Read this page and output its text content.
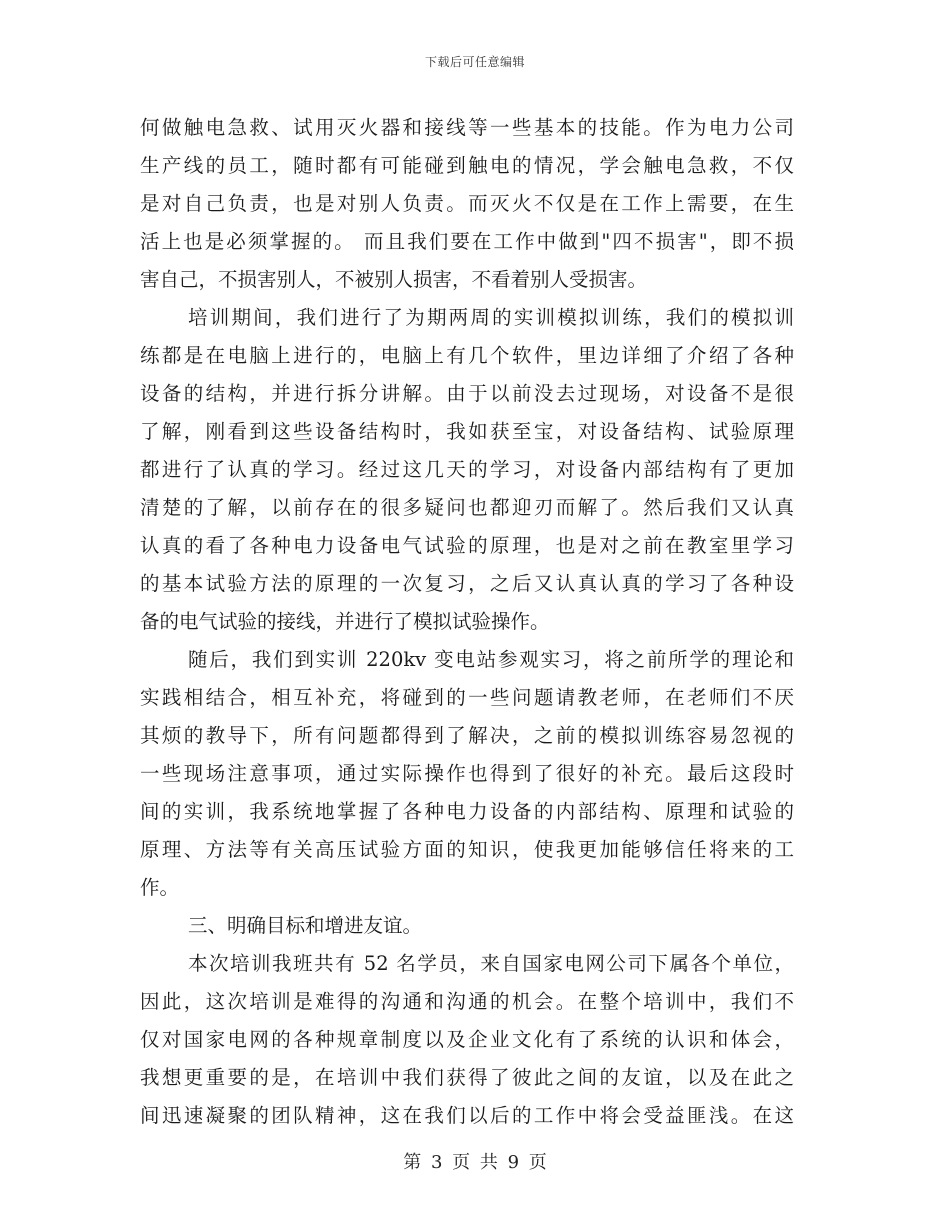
下载后可任意编辑
何做触电急救、试用灭火器和接线等一些基本的技能。作为电力公司
生产线的员工，随时都有可能碰到触电的情况，学会触电急救，不仅
是对自己负责，也是对别人负责。而灭火不仅是在工作上需要，在生
活上也是必须掌握的。 而且我们要在工作中做到"四不损害"，即不损
害自己，不损害别人，不被别人损害，不看着别人受损害。
培训期间，我们进行了为期两周的实训模拟训练，我们的模拟训
练都是在电脑上进行的，电脑上有几个软件，里边详细了介绍了各种
设备的结构，并进行拆分讲解。由于以前没去过现场，对设备不是很
了解，刚看到这些设备结构时，我如获至宝，对设备结构、试验原理
都进行了认真的学习。经过这几天的学习，对设备内部结构有了更加
清楚的了解，以前存在的很多疑问也都迎刃而解了。然后我们又认真
认真的看了各种电力设备电气试验的原理，也是对之前在教室里学习
的基本试验方法的原理的一次复习，之后又认真认真的学习了各种设
备的电气试验的接线，并进行了模拟试验操作。
随后，我们到实训 220kv 变电站参观实习，将之前所学的理论和
实践相结合，相互补充，将碰到的一些问题请教老师，在老师们不厌
其烦的教导下，所有问题都得到了解决，之前的模拟训练容易忽视的
一些现场注意事项，通过实际操作也得到了很好的补充。最后这段时
间的实训，我系统地掌握了各种电力设备的内部结构、原理和试验的
原理、方法等有关高压试验方面的知识，使我更加能够信任将来的工
作。
三、明确目标和增进友谊。
本次培训我班共有 52 名学员，来自国家电网公司下属各个单位，
因此，这次培训是难得的沟通和沟通的机会。在整个培训中，我们不
仅对国家电网的各种规章制度以及企业文化有了系统的认识和体会，
我想更重要的是，在培训中我们获得了彼此之间的友谊，以及在此之
间迅速凝聚的团队精神，这在我们以后的工作中将会受益匪浅。在这
第 3 页 共 9 页
